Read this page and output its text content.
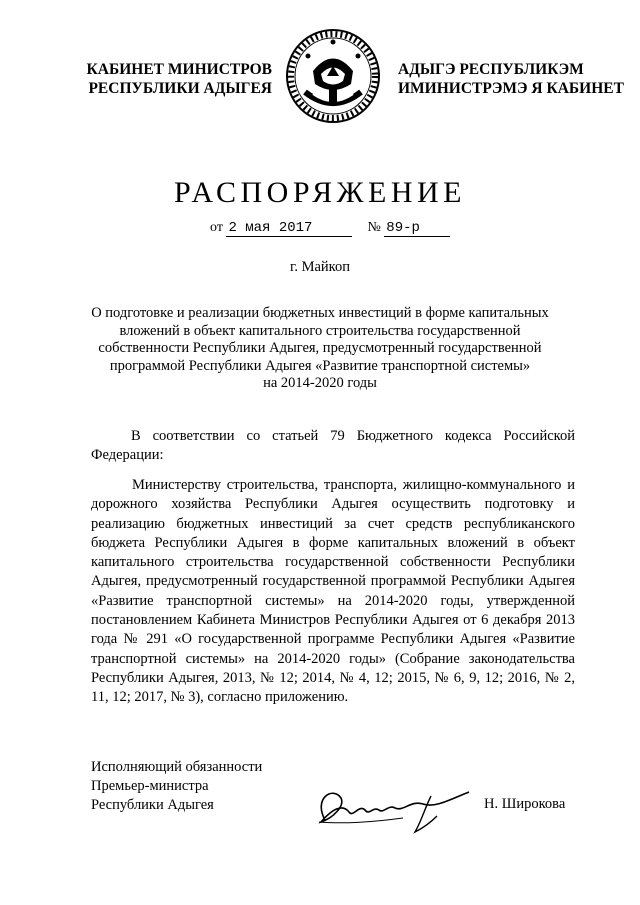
КАБИНЕТ МИНИСТРОВ
РЕСПУБЛИКИ АДЫГЕЯ
АДЫГЭ РЕСПУБЛИКЭМ
ИМИНИСТРЭМЭ Я КАБИНЕТ
РАСПОРЯЖЕНИЕ
от 2 мая 2017	№ 89-р
г. Майкоп
О подготовке и реализации бюджетных инвестиций в форме капитальных
вложений в объект капитального строительства государственной
собственности Республики Адыгея, предусмотренный государственной
программой Республики Адыгея «Развитие транспортной системы»
на 2014-2020 годы
В соответствии со статьей 79 Бюджетного кодекса Российской
Федерации:
Министерству строительства, транспорта, жилищно-коммунального и дорожного хозяйства Республики Адыгея осуществить подготовку и реализацию бюджетных инвестиций за счет средств республиканского бюджета Республики Адыгея в форме капитальных вложений в объект капитального строительства государственной собственности Республики Адыгея, предусмотренный государственной программой Республики Адыгея «Развитие транспортной системы» на 2014-2020 годы, утвержденной постановлением Кабинета Министров Республики Адыгея от 6 декабря 2013 года № 291 «О государственной программе Республики Адыгея «Развитие транспортной системы» на 2014-2020 годы» (Собрание законодательства Республики Адыгея, 2013, № 12; 2014, № 4, 12; 2015, № 6, 9, 12; 2016, № 2, 11, 12; 2017, № 3), согласно приложению.
Исполняющий обязанности
Премьер-министра
Республики Адыгея	Н. Широкова
